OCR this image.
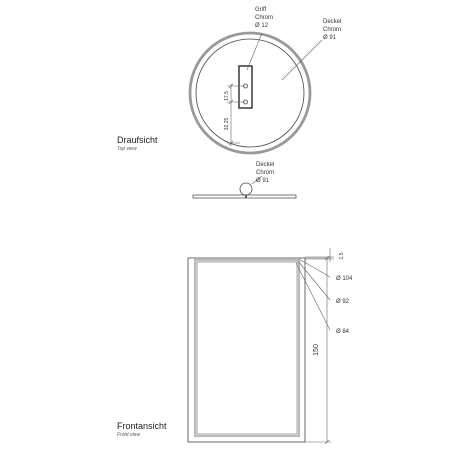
Griff
Chrom
Ø 12
Deckel
Chrom
Ø 91
17,5
32,25
Draufsicht
Top view
Deckel
Chrom
Ø 91
1,5
Ø 104
Ø 92
Ø 84
150
Frontansicht
Front view
